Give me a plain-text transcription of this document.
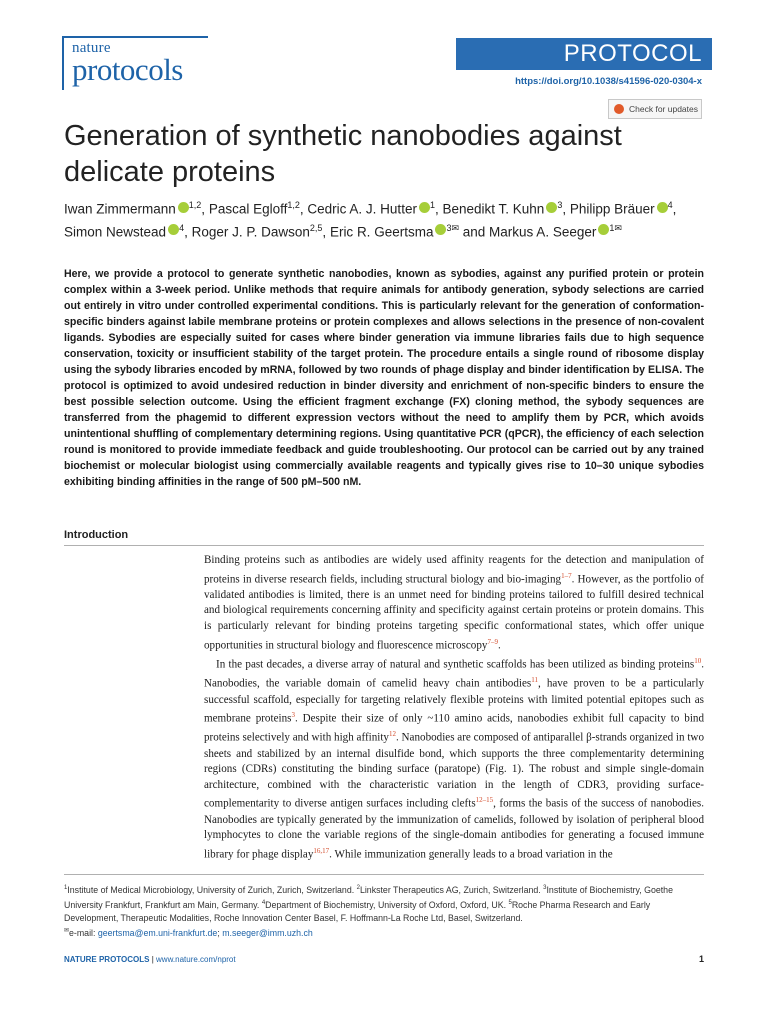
nature
protocols	PROTOCOL
https://doi.org/10.1038/s41596-020-0304-x
Check for updates
Generation of synthetic nanobodies against delicate proteins
Iwan Zimmermann $^{1,2}$, Pascal Egloff$^{1,2}$, Cedric A. J. Hutter $^1$, Benedikt T. Kuhn $^3$, Philipp Bräuer $^4$, Simon Newstead $^4$, Roger J. P. Dawson$^{2,5}$, Eric R. Geertsma $^{3✉}$ and Markus A. Seeger $^{1✉}$
Here, we provide a protocol to generate synthetic nanobodies, known as sybodies, against any purified protein or protein complex within a 3-week period. Unlike methods that require animals for antibody generation, sybody selections are carried out entirely in vitro under controlled experimental conditions. This is particularly relevant for the generation of conformation-specific binders against labile membrane proteins or protein complexes and allows selections in the presence of non-covalent ligands. Sybodies are especially suited for cases where binder generation via immune libraries fails due to high sequence conservation, toxicity or insufficient stability of the target protein. The procedure entails a single round of ribosome display using the sybody libraries encoded by mRNA, followed by two rounds of phage display and binder identification by ELISA. The protocol is optimized to avoid undesired reduction in binder diversity and enrichment of non-specific binders to ensure the best possible selection outcome. Using the efficient fragment exchange (FX) cloning method, the sybody sequences are transferred from the phagemid to different expression vectors without the need to amplify them by PCR, which avoids unintentional shuffling of complementary determining regions. Using quantitative PCR (qPCR), the efficiency of each selection round is monitored to provide immediate feedback and guide troubleshooting. Our protocol can be carried out by any trained biochemist or molecular biologist using commercially available reagents and typically gives rise to 10–30 unique sybodies exhibiting binding affinities in the range of 500 pM–500 nM.
Introduction

Binding proteins such as antibodies are widely used affinity reagents for the detection and manipulation of proteins in diverse research fields, including structural biology and bio-imaging$^{1-7}$. However, as the portfolio of validated antibodies is limited, there is an unmet need for binding proteins tailored to fulfill desired technical and biological requirements concerning affinity and specificity against certain proteins or protein domains. This is particularly relevant for binding proteins targeting specific conformational states, which offer unique opportunities in structural biology and fluorescence microscopy$^{7-9}$.

In the past decades, a diverse array of natural and synthetic scaffolds has been utilized as binding proteins$^{10}$. Nanobodies, the variable domain of camelid heavy chain antibodies$^{11}$, have proven to be a particularly successful scaffold, especially for targeting relatively flexible proteins with limited potential epitopes such as membrane proteins$^3$. Despite their size of only ~110 amino acids, nanobodies exhibit full capacity to bind proteins selectively and with high affinity$^{12}$. Nanobodies are composed of antiparallel β-strands organized in two sheets and stabilized by an internal disulfide bond, which supports the three complementarity determining regions (CDRs) constituting the binding surface (paratope) (Fig. 1). The robust and simple single-domain architecture, combined with the characteristic variation in the length of CDR3, providing surface-complementarity to diverse antigen surfaces including clefts$^{12-15}$, forms the basis of the success of nanobodies. Nanobodies are typically generated by the immunization of camelids, followed by isolation of peripheral blood lymphocytes to clone the variable regions of the single-domain antibodies for generating a focused immune library for phage display$^{16,17}$. While immunization generally leads to a broad variation in the

$^1$Institute of Medical Microbiology, University of Zurich, Zurich, Switzerland. $^2$Linkster Therapeutics AG, Zurich, Switzerland. $^3$Institute of Biochemistry, Goethe University Frankfurt, Frankfurt am Main, Germany. $^4$Department of Biochemistry, University of Oxford, Oxford, UK. $^5$Roche Pharma Research and Early Development, Therapeutic Modalities, Roche Innovation Center Basel, F. Hoffmann-La Roche Ltd, Basel, Switzerland.
✉e-mail: geertsma@em.uni-frankfurt.de; m.seeger@imm.uzh.ch
NATURE PROTOCOLS | www.nature.com/nprot	1
